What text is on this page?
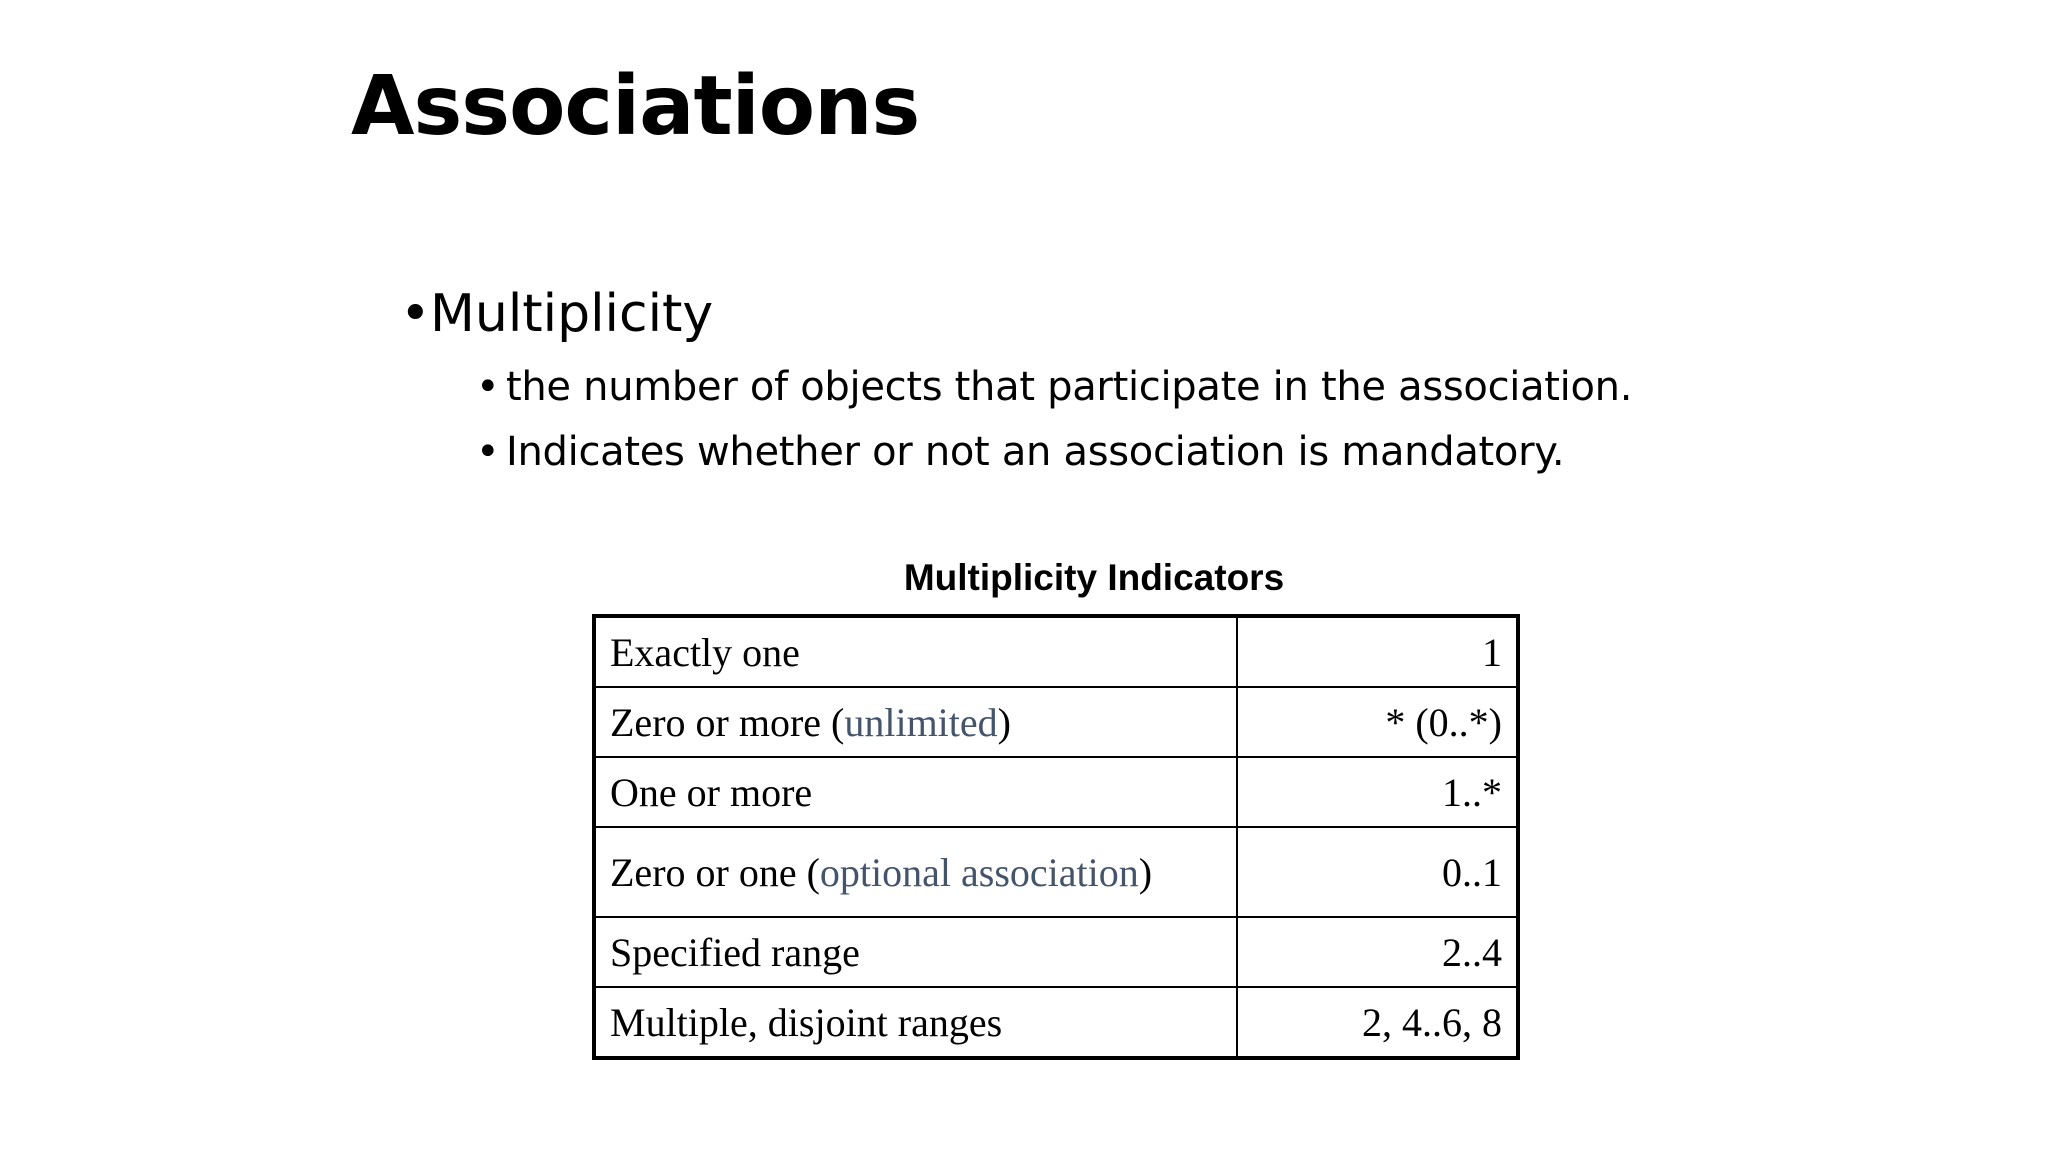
Associations
•Multiplicity
• the number of objects that participate in the association.
• Indicates whether or not an association is mandatory.
Multiplicity Indicators
Exactly one	1
Zero or more (unlimited)	* (0..*)
One or more	1..*
Zero or one (optional association)	0..1
Specified range	2..4
Multiple, disjoint ranges	2, 4..6, 8
